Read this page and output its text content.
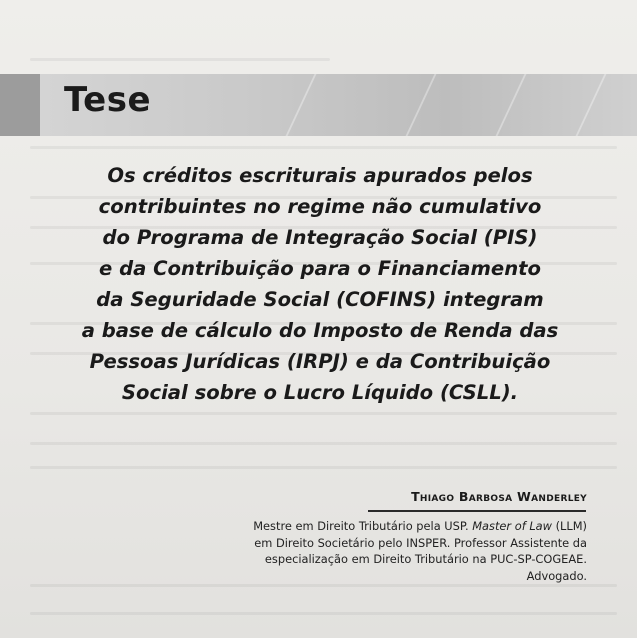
Tese
Os créditos escriturais apurados pelos
contribuintes no regime não cumulativo
do Programa de Integração Social (PIS)
e da Contribuição para o Financiamento
da Seguridade Social (COFINS) integram
a base de cálculo do Imposto de Renda das
Pessoas Jurídicas (IRPJ) e da Contribuição
Social sobre o Lucro Líquido (CSLL).
Thiago Barbosa Wanderley
Mestre em Direito Tributário pela USP. Master of Law (LLM)
em Direito Societário pelo INSPER. Professor Assistente da
especialização em Direito Tributário na PUC-SP-COGEAE.
Advogado.
